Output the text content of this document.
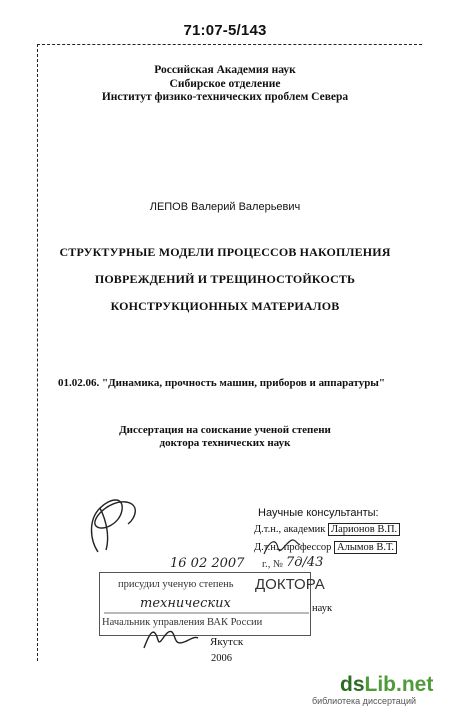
71:07-5/143
Российская Академия наук
Сибирское отделение
Институт физико-технических проблем Севера
ЛЕПОВ Валерий Валерьевич
СТРУКТУРНЫЕ МОДЕЛИ ПРОЦЕССОВ НАКОПЛЕНИЯ
ПОВРЕЖДЕНИЙ И ТРЕЩИНОСТОЙКОСТЬ
КОНСТРУКЦИОННЫХ МАТЕРИАЛОВ
01.02.06. "Динамика, прочность машин, приборов и аппаратуры"
Диссертация на соискание ученой степени
доктора технических наук
Научные консультанты:
Д.т.н., академик Ларионов В.П.
Д.т.н., профессор Алымов В.Т.
16 02 2007 г., № 7д/43
присудил ученую степень ДОКТОРА
технических	наук
Начальник управления ВАК России
Якутск
2006
dsLib.net
библиотека диссертаций
